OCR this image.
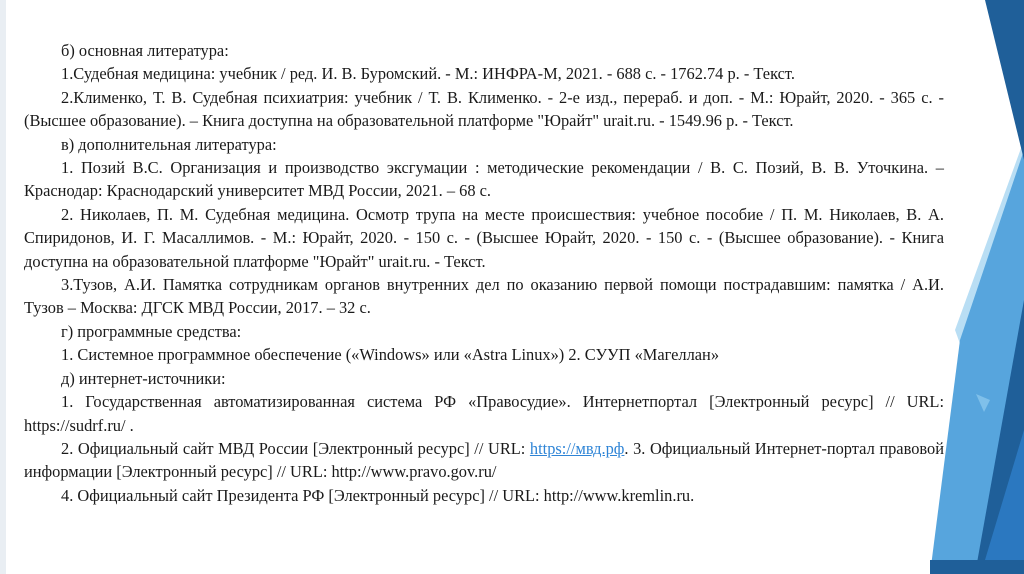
б) основная литература:

1.Судебная медицина: учебник / ред. И. В. Буромский. - М.: ИНФРА-М, 2021. - 688 с. - 1762.74 р. - Текст.

2.Клименко, Т. В. Судебная психиатрия: учебник / Т. В. Клименко. - 2-е изд., перераб. и доп. - М.: Юрайт, 2020. - 365 с. - (Высшее образование). – Книга доступна на образовательной платформе "Юрайт" urait.ru. - 1549.96 р. - Текст.

в) дополнительная литература:

1. Позий В.С. Организация и производство эксгумации : методические рекомендации / В. С. Позий, В. В. Уточкина. – Краснодар: Краснодарский университет МВД России, 2021. – 68 с.

2. Николаев, П. М. Судебная медицина. Осмотр трупа на месте происшествия: учебное пособие / П. М. Николаев, В. А. Спиридонов, И. Г. Масаллимов. - М.: Юрайт, 2020. - 150 с. - (Высшее Юрайт, 2020. - 150 с. - (Высшее образование). - Книга доступна на образовательной платформе "Юрайт" urait.ru. - Текст.

3.Тузов, А.И. Памятка сотрудникам органов внутренних дел по оказанию первой помощи пострадавшим: памятка / А.И. Тузов – Москва: ДГСК МВД России, 2017. – 32 с.

г) программные средства:

1. Системное программное обеспечение («Windows» или «Astra Linux») 2. СУУП «Магеллан»

д) интернет-источники:

1. Государственная автоматизированная система РФ «Правосудие». Интернетпортал [Электронный ресурс] // URL: https://sudrf.ru/ .

2. Официальный сайт МВД России [Электронный ресурс] // URL: https://мвд.рф. 3. Официальный Интернет-портал правовой информации [Электронный ресурс] // URL: http://www.pravo.gov.ru/

4. Официальный сайт Президента РФ [Электронный ресурс] // URL: http://www.kremlin.ru.
